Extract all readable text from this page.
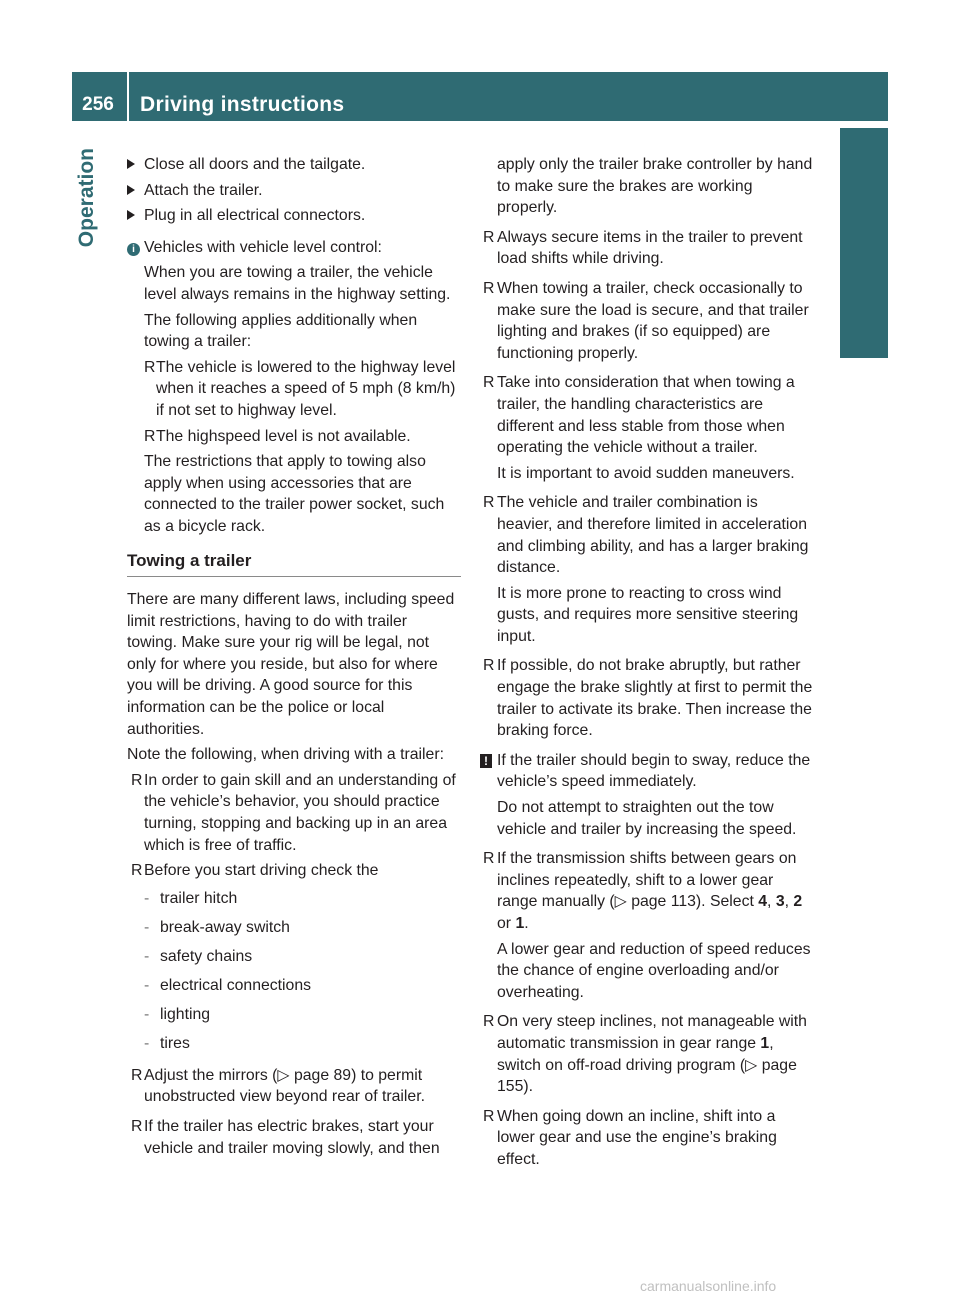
256	Driving instructions
Operation	Close all doors and the tailgate.

Attach the trailer.

Plug in all electrical connectors.

i Vehicles with vehicle level control:

When you are towing a trailer, the vehicle level always remains in the highway setting.

The following applies additionally when towing a trailer:

R The vehicle is lowered to the highway level when it reaches a speed of 5 mph (8 km/h) if not set to highway level.

R The highspeed level is not available.

The restrictions that apply to towing also apply when using accessories that are connected to the trailer power socket, such as a bicycle rack.

Towing a trailer

There are many different laws, including speed limit restrictions, having to do with trailer towing. Make sure your rig will be legal, not only for where you reside, but also for where you will be driving. A good source for this information can be the police or local authorities.

Note the following, when driving with a trailer:

R In order to gain skill and an understanding of the vehicle’s behavior, you should practice turning, stopping and backing up in an area which is free of traffic.

R Before you start driving check the

- trailer hitch

- break-away switch

- safety chains

- electrical connections

- lighting

- tires

R Adjust the mirrors (▷ page 89) to permit unobstructed view beyond rear of trailer.

R If the trailer has electric brakes, start your vehicle and trailer moving slowly, and then

apply only the trailer brake controller by hand to make sure the brakes are working properly.

R Always secure items in the trailer to prevent load shifts while driving.

R When towing a trailer, check occasionally to make sure the load is secure, and that trailer lighting and brakes (if so equipped) are functioning properly.

R Take into consideration that when towing a trailer, the handling characteristics are different and less stable from those when operating the vehicle without a trailer.

It is important to avoid sudden maneuvers.

R The vehicle and trailer combination is heavier, and therefore limited in acceleration and climbing ability, and has a larger braking distance.

It is more prone to reacting to cross wind gusts, and requires more sensitive steering input.

R If possible, do not brake abruptly, but rather engage the brake slightly at first to permit the trailer to activate its brake. Then increase the braking force.

! If the trailer should begin to sway, reduce the vehicle’s speed immediately.

Do not attempt to straighten out the tow vehicle and trailer by increasing the speed.

R If the transmission shifts between gears on inclines repeatedly, shift to a lower gear range manually (▷ page 113). Select 4, 3, 2 or 1.

A lower gear and reduction of speed reduces the chance of engine overloading and/or overheating.

R On very steep inclines, not manageable with automatic transmission in gear range 1, switch on off-road driving program (▷ page 155).

R When going down an incline, shift into a lower gear and use the engine’s braking effect.

carmanualsonline.info
